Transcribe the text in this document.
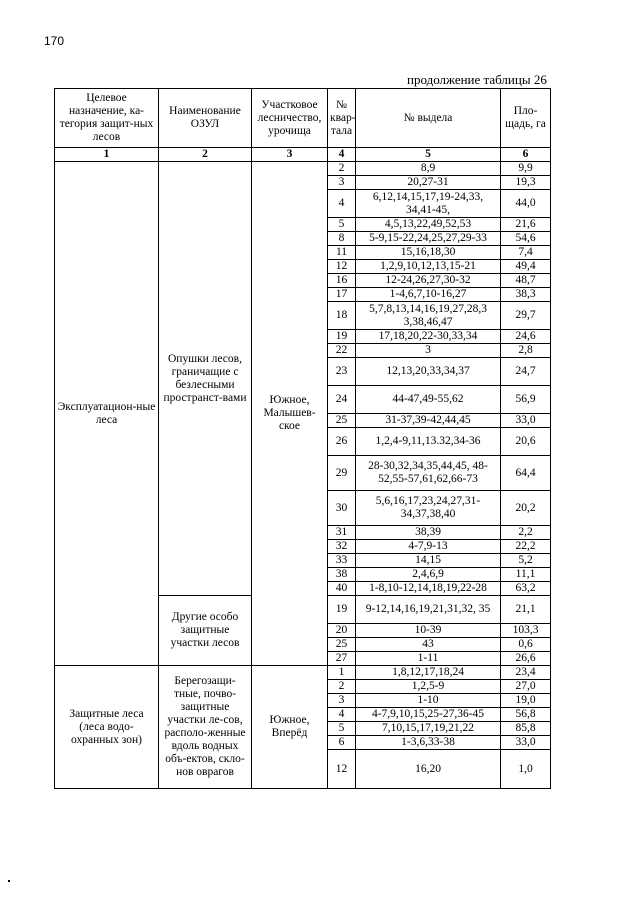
170
продолжение таблицы 26
Целевое назначение, ка-тегория защит-ных лесов	Наименование ОЗУЛ	Участковое лесничество, урочища	№ квар-тала	№ выдела	Пло-щадь, га
1	2	3	4	5	6
Эксплуатацион-ные леса	Опушки лесов, граничащие с безлесными пространст-вами	Южное, Малышев-ское	2	8,9	9,9
			3	20,27-31	19,3
			4	6,12,14,15,17,19-24,33, 34,41-45,	44,0
			5	4,5,13,22,49,52,53	21,6
			8	5-9,15-22,24,25,27,29-33	54,6
			11	15,16,18,30	7,4
			12	1,2,9,10,12,13,15-21	49,4
			16	12-24,26,27,30-32	48,7
			17	1-4,6,7,10-16,27	38,3
			18	5,7,8,13,14,16,19,27,28,3 3,38,46,47	29,7
			19	17,18,20,22-30,33,34	24,6
			22	3	2,8
			23	12,13,20,33,34,37	24,7
			24	44-47,49-55,62	56,9
			25	31-37,39-42,44,45	33,0
			26	1,2,4-9,11,13.32,34-36	20,6
			29	28-30,32,34,35,44,45, 48-52,55-57,61,62,66-73	64,4
			30	5,6,16,17,23,24,27,31-34,37,38,40	20,2
			31	38,39	2,2
			32	4-7,9-13	22,2
			33	14,15	5,2
			38	2,4,6,9	11,1
			40	1-8,10-12,14,18,19,22-28	63,2
	Другие особо защитные участки лесов		19	9-12,14,16,19,21,31,32, 35	21,1
			20	10-39	103,3
			25	43	0,6
			27	1-11	26,6
Защитные леса (леса водо-охранных зон)	Берегозащи-тные, почво-защитные участки ле-сов, располо-женные вдоль водных объ-ектов, скло-нов оврагов	Южное, Вперёд	1	1,8,12,17,18,24	23,4
			2	1,2,5-9	27,0
			3	1-10	19,0
			4	4-7,9,10,15,25-27,36-45	56,8
			5	7,10,15,17,19,21,22	85,8
			6	1-3,6,33-38	33,0
			12	16,20	1,0
